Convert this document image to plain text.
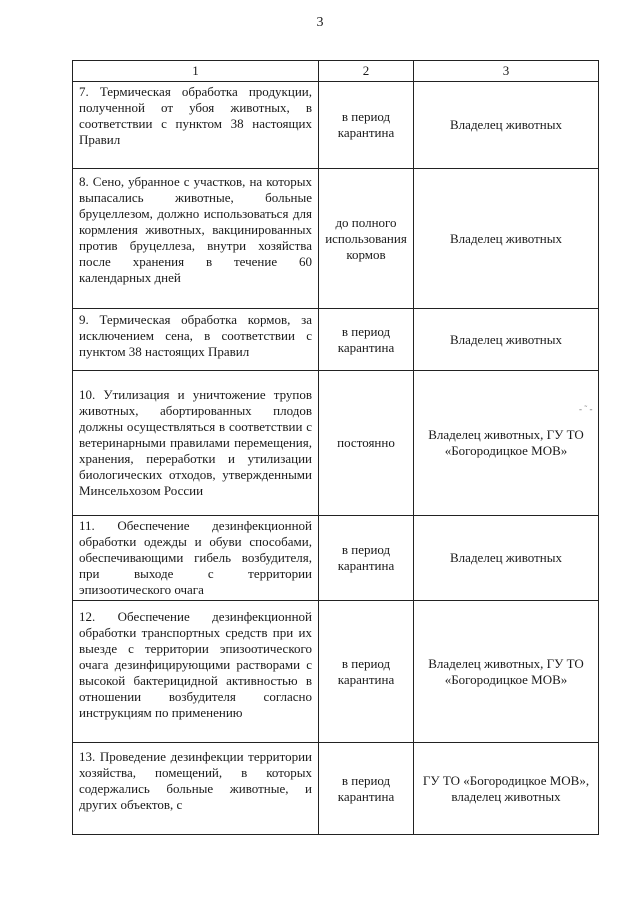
3
1	2	3
7. Термическая обработка продукции, полученной от убоя животных, в соответствии с пунктом 38 настоящих Правил	в период карантина	Владелец животных
8. Сено, убранное с участков, на которых выпасались животные, больные бруцеллезом, должно использоваться для кормления животных, вакцинированных против бруцеллеза, внутри хозяйства после хранения в течение 60 календарных дней	до полного использования кормов	Владелец животных
9. Термическая обработка кормов, за исключением сена, в соответствии с пунктом 38 настоящих Правил	в период карантина	Владелец животных
10. Утилизация и уничтожение трупов животных, абортированных плодов должны осуществляться в соответствии с ветеринарными правилами перемещения, хранения, переработки и утилизации биологических отходов, утвержденными Минсельхозом России	постоянно	Владелец животных, ГУ ТО «Богородицкое МОВ»
11. Обеспечение дезинфекционной обработки одежды и обуви способами, обеспечивающими гибель возбудителя, при выходе с территории эпизоотического очага	в период карантина	Владелец животных
12. Обеспечение дезинфекционной обработки транспортных средств при их выезде с территории эпизоотического очага дезинфицирующими растворами с высокой бактерицидной активностью в отношении возбудителя согласно инструкциям по применению	в период карантина	Владелец животных, ГУ ТО «Богородицкое МОВ»
13. Проведение дезинфекции территории хозяйства, помещений, в которых содержались больные животные, и других объектов, с	в период карантина	ГУ ТО «Богородицкое МОВ», владелец животных
- ˜ -
